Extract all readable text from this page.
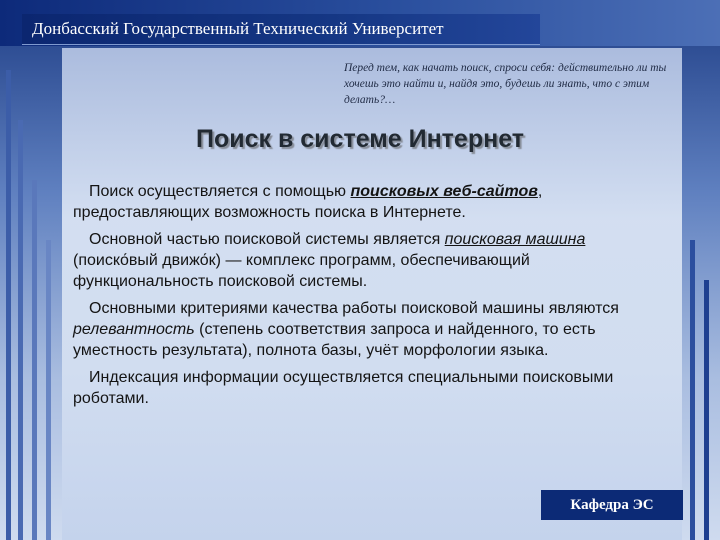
Донбасский Государственный Технический Университет

Перед тем, как начать поиск, спроси себя: действительно ли ты хочешь это найти и, найдя это, будешь ли знать, что с этим делать?…

Поиск в системе Интернет

Поиск осуществляется с помощью поисковых веб-сайтов, предоставляющих возможность поиска в Интернете.

Основной частью поисковой системы является поисковая машина (поиско́вый движо́к) — комплекс программ, обеспечивающий функциональность поисковой системы.

Основными критериями качества работы поисковой машины являются релевантность (степень соответствия запроса и найденного, то есть уместность результата), полнота базы, учёт морфологии языка.

Индексация информации осуществляется специальными поисковыми роботами.

Кафедра ЭС
